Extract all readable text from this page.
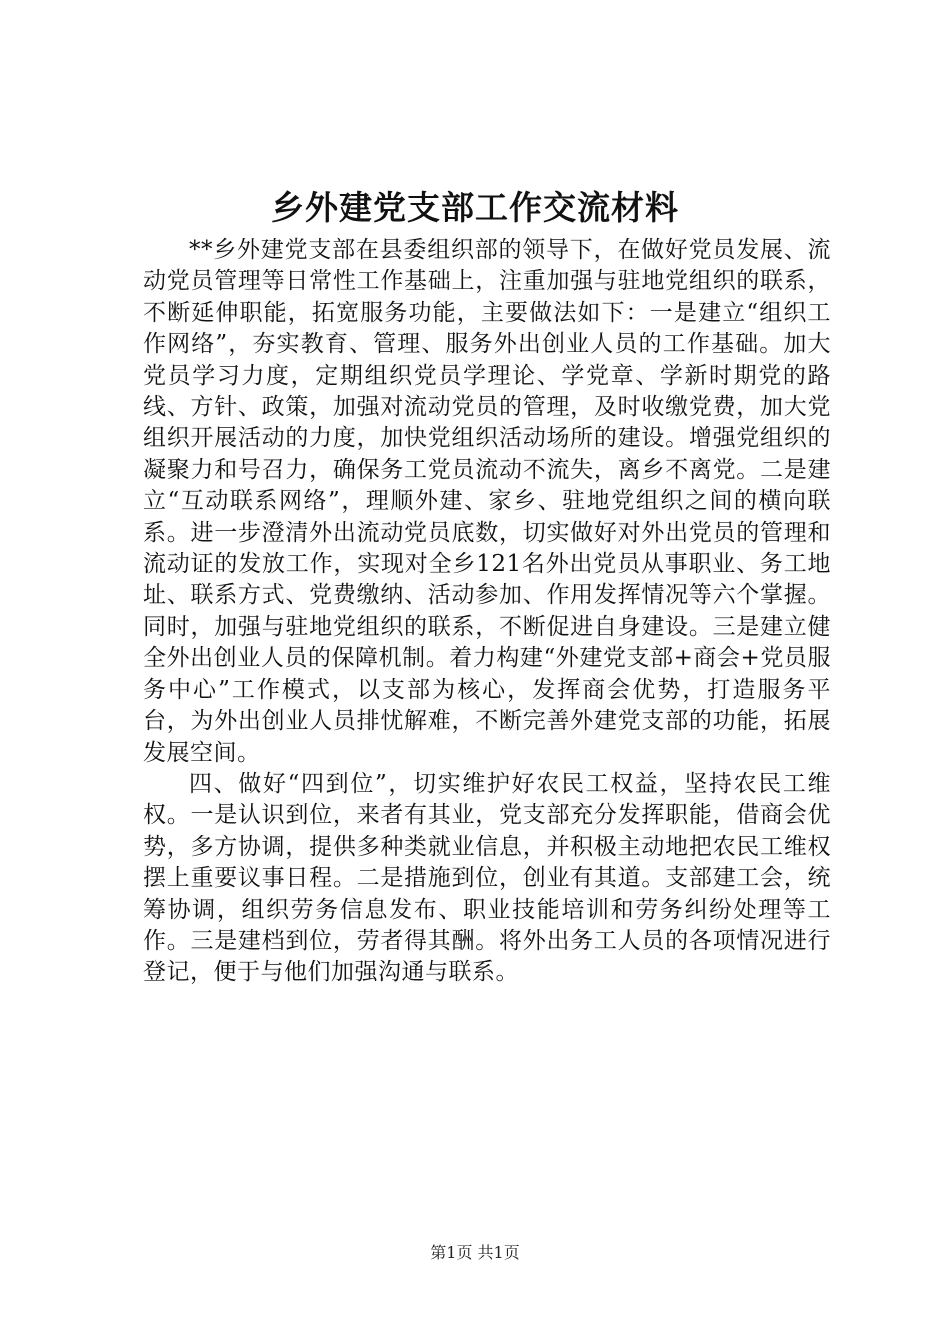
乡外建党支部工作交流材料

**乡外建党支部在县委组织部的领导下，在做好党员发展、流动党员管理等日常性工作基础上，注重加强与驻地党组织的联系，不断延伸职能，拓宽服务功能，主要做法如下：一是建立“组织工作网络”，夯实教育、管理、服务外出创业人员的工作基础。加大党员学习力度，定期组织党员学理论、学党章、学新时期党的路线、方针、政策，加强对流动党员的管理，及时收缴党费，加大党组织开展活动的力度，加快党组织活动场所的建设。增强党组织的凝聚力和号召力，确保务工党员流动不流失，离乡不离党。二是建立“互动联系网络”，理顺外建、家乡、驻地党组织之间的横向联系。进一步澄清外出流动党员底数，切实做好对外出党员的管理和流动证的发放工作，实现对全乡121名外出党员从事职业、务工地址、联系方式、党费缴纳、活动参加、作用发挥情况等六个掌握。同时，加强与驻地党组织的联系，不断促进自身建设。三是建立健全外出创业人员的保障机制。着力构建“外建党支部+商会+党员服务中心”工作模式，以支部为核心，发挥商会优势，打造服务平台，为外出创业人员排忧解难，不断完善外建党支部的功能，拓展发展空间。

四、做好“四到位”，切实维护好农民工权益，坚持农民工维权。一是认识到位，来者有其业，党支部充分发挥职能，借商会优势，多方协调，提供多种类就业信息，并积极主动地把农民工维权摆上重要议事日程。二是措施到位，创业有其道。支部建工会，统筹协调，组织劳务信息发布、职业技能培训和劳务纠纷处理等工作。三是建档到位，劳者得其酬。将外出务工人员的各项情况进行登记，便于与他们加强沟通与联系。

第1页 共1页
